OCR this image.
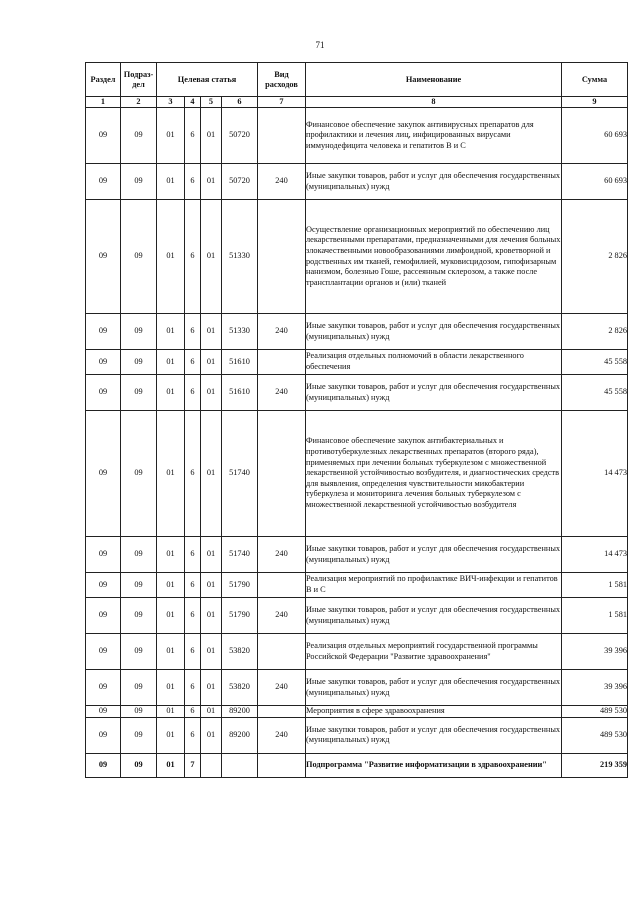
71
Раздел	Подраз-дел	Целевая статья				Вид расходов	Наименование	Сумма
1	2	3	4	5	6	7	8	9
09	09	01	6	01	50720		Финансовое обеспечение закупок антивирусных препаратов для профилактики и лечения лиц, инфицированных вирусами иммунодефицита человека и гепатитов В и С	60 693
09	09	01	6	01	50720	240	Иные закупки товаров, работ и услуг для обеспечения государственных (муниципальных) нужд	60 693
09	09	01	6	01	51330		Осуществление организационных мероприятий по обеспечению лиц лекарственными препаратами, предназначенными для лечения больных злокачественными новообразованиями лимфоидной, кроветворной и родственных им тканей, гемофилией, муковисцидозом, гипофизарным нанизмом, болезнью Гоше, рассеянным склерозом, а также после трансплантации органов и (или) тканей	2 826
09	09	01	6	01	51330	240	Иные закупки товаров, работ и услуг для обеспечения государственных (муниципальных) нужд	2 826
09	09	01	6	01	51610		Реализация отдельных полномочий в области лекарственного обеспечения	45 558
09	09	01	6	01	51610	240	Иные закупки товаров, работ и услуг для обеспечения государственных (муниципальных) нужд	45 558
09	09	01	6	01	51740		Финансовое обеспечение закупок антибактериальных и противотуберкулезных лекарственных препаратов (второго ряда), применяемых при лечении больных туберкулезом с множественной лекарственной устойчивостью возбудителя, и диагностических средств для выявления, определения чувствительности микобактерии туберкулеза и мониторинга лечения больных туберкулезом с множественной лекарственной устойчивостью возбудителя	14 473
09	09	01	6	01	51740	240	Иные закупки товаров, работ и услуг для обеспечения государственных (муниципальных) нужд	14 473
09	09	01	6	01	51790		Реализация мероприятий по профилактике ВИЧ-инфекции и гепатитов В и С	1 581
09	09	01	6	01	51790	240	Иные закупки товаров, работ и услуг для обеспечения государственных (муниципальных) нужд	1 581
09	09	01	6	01	53820		Реализация отдельных мероприятий государственной программы Российской Федерации "Развитие здравоохранения"	39 396
09	09	01	6	01	53820	240	Иные закупки товаров, работ и услуг для обеспечения государственных (муниципальных) нужд	39 396
09	09	01	6	01	89200		Мероприятия в сфере здравоохранения	489 530
09	09	01	6	01	89200	240	Иные закупки товаров, работ и услуг для обеспечения государственных (муниципальных) нужд	489 530
09	09	01	7				Подпрограмма "Развитие информатизации в здравоохранении"	219 359
